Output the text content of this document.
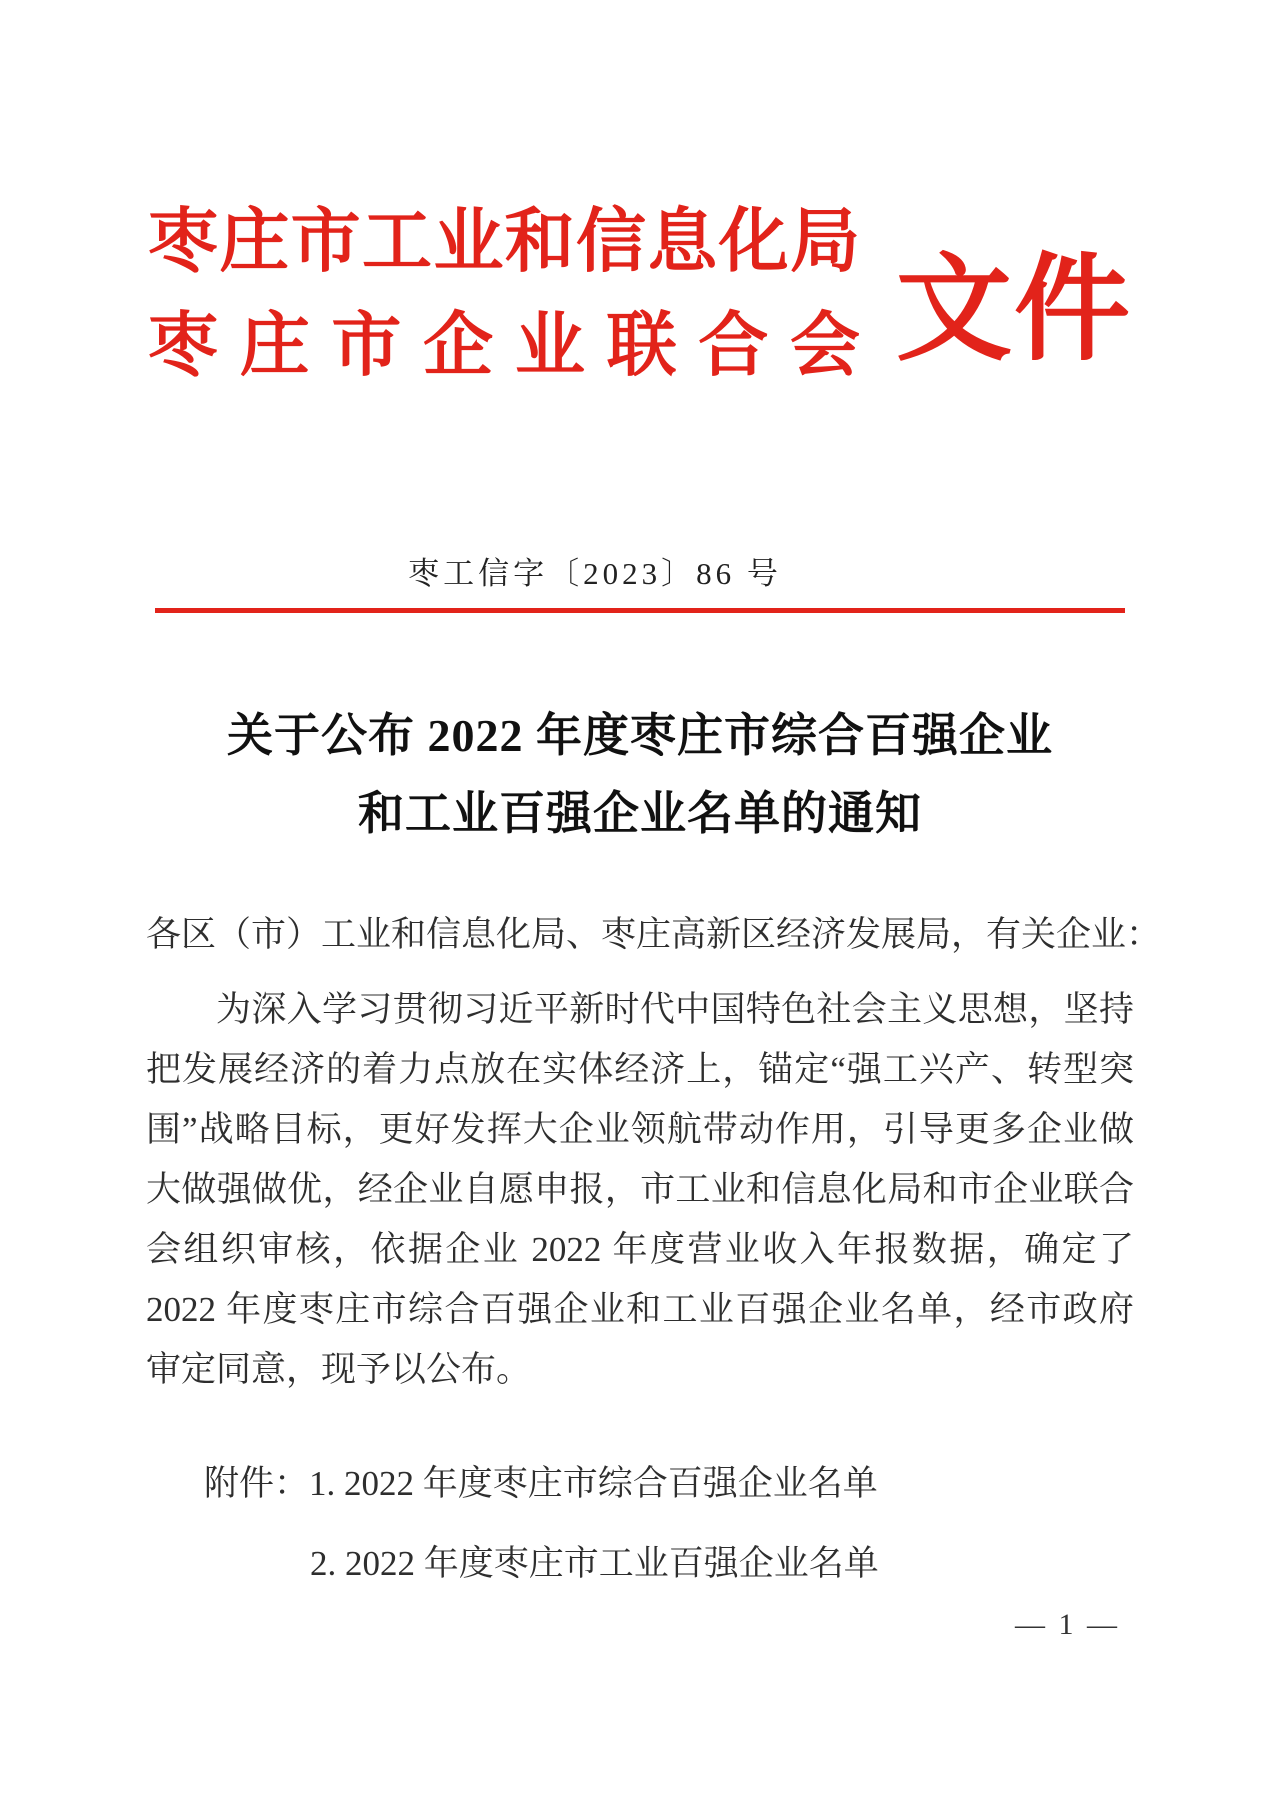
枣庄市工业和信息化局
枣庄市企业联合会 文件
枣工信字〔2023〕86 号
关于公布 2022 年度枣庄市综合百强企业
和工业百强企业名单的通知

各区（市）工业和信息化局、枣庄高新区经济发展局，有关企业：

为深入学习贯彻习近平新时代中国特色社会主义思想，坚持把发展经济的着力点放在实体经济上，锚定“强工兴产、转型突围”战略目标，更好发挥大企业领航带动作用，引导更多企业做大做强做优，经企业自愿申报，市工业和信息化局和市企业联合会组织审核，依据企业 2022 年度营业收入年报数据，确定了 2022 年度枣庄市综合百强企业和工业百强企业名单，经市政府审定同意，现予以公布。

附件：1. 2022 年度枣庄市综合百强企业名单
2. 2022 年度枣庄市工业百强企业名单
— 1 —
